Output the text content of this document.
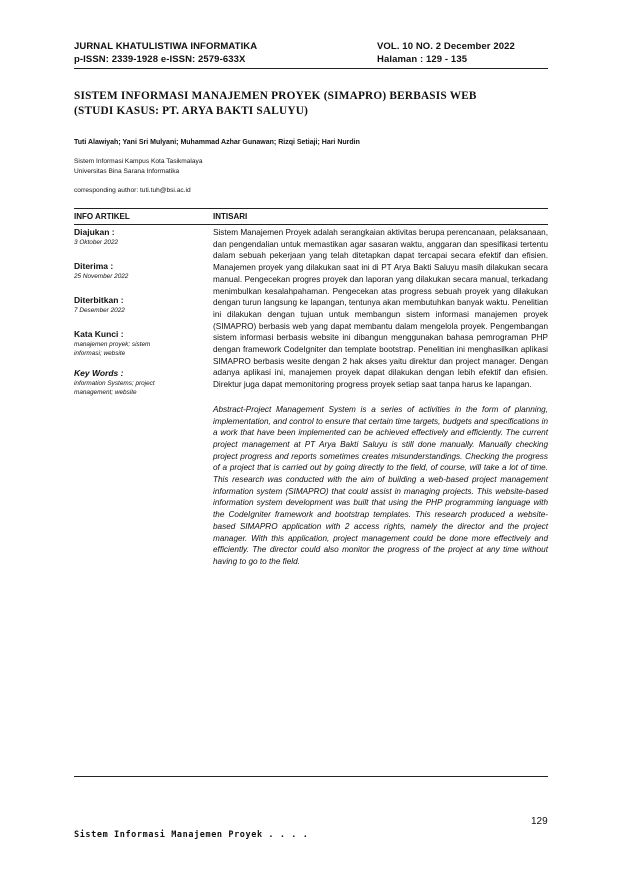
JURNAL KHATULISTIWA INFORMATIKA	VOL. 10 NO. 2 December 2022
p-ISSN: 2339-1928 e-ISSN: 2579-633X	Halaman : 129 - 135
SISTEM INFORMASI MANAJEMEN PROYEK (SIMAPRO) BERBASIS WEB
(STUDI KASUS: PT. ARYA BAKTI SALUYU)
Tuti Alawiyah; Yani Sri Mulyani; Muhammad Azhar Gunawan; Rizqi Setiaji; Hari Nurdin
Sistem Informasi Kampus Kota Tasikmalaya
Universitas Bina Sarana Informatika
corresponding author: tuti.tuh@bsi.ac.id
INFO ARTIKEL	INTISARI
Diajukan :
3 Oktober 2022
Diterima :
25 November 2022
Diterbitkan :
7 Desember 2022
Kata Kunci :
manajemen proyek; sistem
informasi; website
Key Words :
information Systems; project
management; website

Sistem Manajemen Proyek adalah serangkaian aktivitas berupa perencanaan, pelaksanaan, dan pengendalian untuk memastikan agar sasaran waktu, anggaran dan spesifikasi tertentu dalam sebuah pekerjaan yang telah ditetapkan dapat tercapai secara efektif dan efisien. Manajemen proyek yang dilakukan saat ini di PT Arya Bakti Saluyu masih dilakukan secara manual. Pengecekan progres proyek dan laporan yang dilakukan secara manual, terkadang menimbulkan kesalahpahaman. Pengecekan atas progress sebuah proyek yang dilakukan dengan turun langsung ke lapangan, tentunya akan membutuhkan banyak waktu. Penelitian ini dilakukan dengan tujuan untuk membangun sistem informasi manajemen proyek (SIMAPRO) berbasis web yang dapat membantu dalam mengelola proyek. Pengembangan sistem informasi berbasis website ini dibangun menggunakan bahasa pemrograman PHP dengan framework CodeIgniter dan template bootstrap. Penelitian ini menghasilkan aplikasi SIMAPRO berbasis wesite dengan 2 hak akses yaitu direktur dan project manager. Dengan adanya aplikasi ini, manajemen proyek dapat dilakukan dengan lebih efektif dan efisien. Direktur juga dapat memonitoring progress proyek setiap saat tanpa harus ke lapangan.

Abstract-Project Management System is a series of activities in the form of planning, implementation, and control to ensure that certain time targets, budgets and specifications in a work that have been implemented can be achieved effectively and efficiently. The current project management at PT Arya Bakti Saluyu is still done manually. Manually checking project progress and reports sometimes creates misunderstandings. Checking the progress of a project that is carried out by going directly to the field, of course, will take a lot of time. This research was conducted with the aim of building a web-based project management information system (SIMAPRO) that could assist in managing projects. This website-based information system development was built that using the PHP programming language with the CodeIgniter framework and bootstrap templates. This research produced a website-based SIMAPRO application with 2 access rights, namely the director and the project manager. With this application, project management could be done more effectively and efficiently. The director could also monitor the progress of the project at any time without having to go to the field.

129
Sistem Informasi Manajemen Proyek . . . .
